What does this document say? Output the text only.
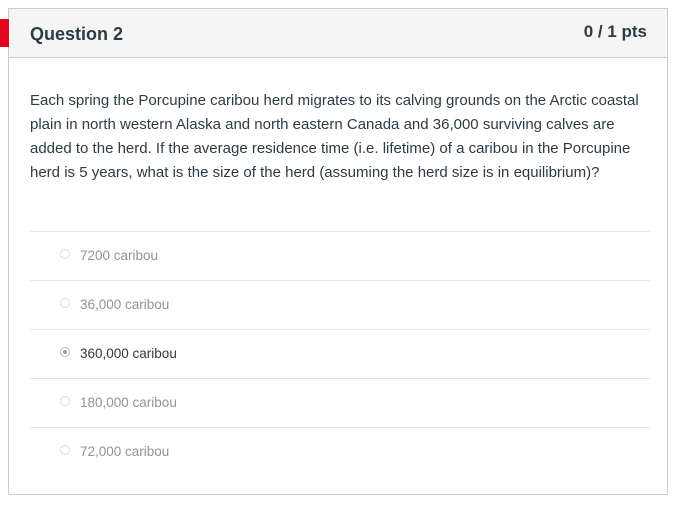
Question 2	0 / 1 pts
Each spring the Porcupine caribou herd migrates to its calving grounds on the Arctic coastal plain in north western Alaska and north eastern Canada and 36,000 surviving calves are added to the herd. If the average residence time (i.e. lifetime) of a caribou in the Porcupine herd is 5 years, what is the size of the herd (assuming the herd size is in equilibrium)?
7200 caribou
36,000 caribou
360,000 caribou
180,000 caribou
72,000 caribou
